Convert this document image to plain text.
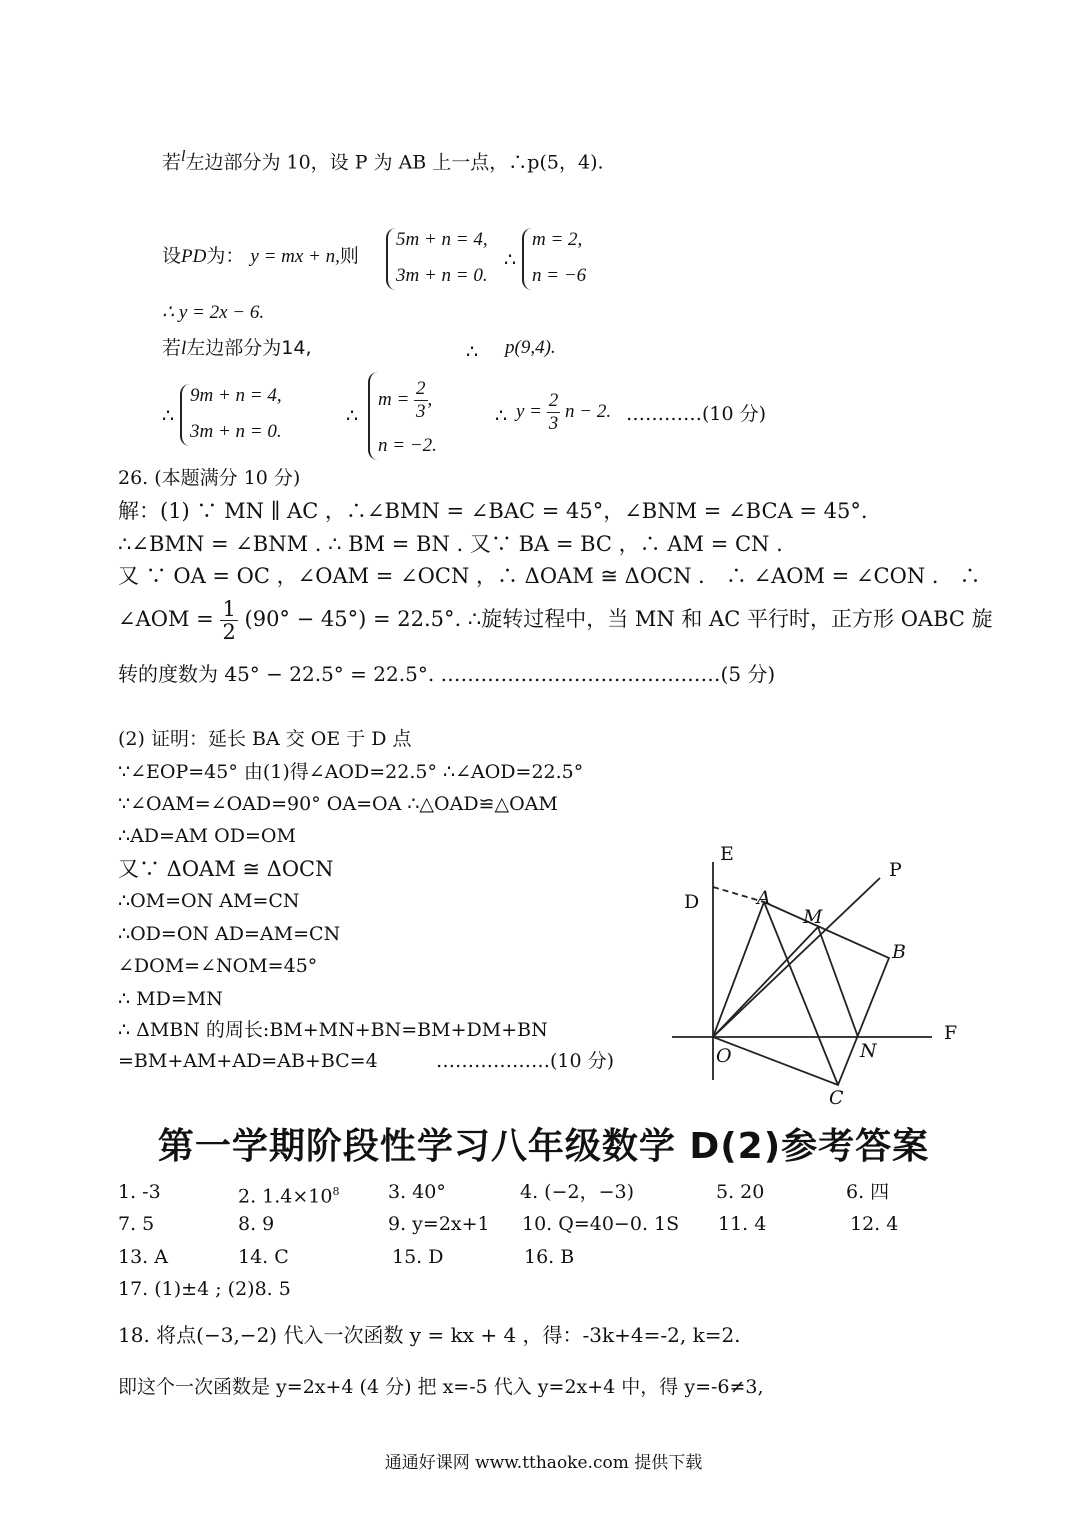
若$^l$左边部分为 10，设 P 为 AB 上一点，∴p(5，4).
设PD为： y = mx + n,则
5m + n = 4,
3m + n = 0.
∴
m = 2,
n = −6
∴ y = 2x − 6.
若l左边部分为14,	∴ p(9,4).
∴
9m + n = 4,
3m + n = 0.
∴
$m = \frac{2}{3}$ ,
n = −2.
∴ $y = \frac{2}{3}$ n − 2. …………(10 分)
26. (本题满分 10 分)
解：(1) ∵ MN ∥ AC ，∴∠BMN = ∠BAC = 45°，∠BNM = ∠BCA = 45°.
∴∠BMN = ∠BNM . ∴ BM = BN . 又∵ BA = BC ，∴ AM = CN .
又 ∵ OA = OC ，∠OAM = ∠OCN ，∴ ΔOAM ≅ ΔOCN ． ∴ ∠AOM = ∠CON ． ∴
∠AOM = $\frac{1}{2} (90^\circ - 45^\circ) = 22.5^\circ$. ∴旋转过程中，当 MN 和 AC 平行时，正方形 OABC 旋
转的度数为 45° − 22.5° = 22.5°. ……………………………………(5 分)
(2) 证明：延长 BA 交 OE 于 D 点
∵∠EOP=45° 由(1)得∠AOD=22.5° ∴∠AOD=22.5°
∵∠OAM=∠OAD=90° OA=OA ∴△OAD≌△OAM
∴AD=AM OD=OM
又∵ ΔOAM ≅ ΔOCN
∴OM=ON AM=CN
∴OD=ON AD=AM=CN
∠DOM=∠NOM=45°
∴ MD=MN
∴ ΔMBN 的周长:BM+MN+BN=BM+DM+BN
=BM+AM+AD=AB+BC=4	………………(10 分)
E
P
D	A
M
B
F
O	N
C
第一学期阶段性学习八年级数学 D(2)参考答案
1. -3	2. $1.4\times 10^8$	3. 40°	4. (−2，−3)	5. 20	6. 四
7. 5	8. 9	9. y=2x+1 10. Q=40−0. 1S 11. 4	12. 4
13. A	14. C	15. D	16. B
17. (1)±4 ; (2)8. 5
18. 将点(−3,−2) 代入一次函数 y = kx + 4 ，得：-3k+4=-2, k=2.
即这个一次函数是 y=2x+4 (4 分) 把 x=-5 代入 y=2x+4 中，得 y=-6≠3,
通通好课网 www.tthaoke.com 提供下载
